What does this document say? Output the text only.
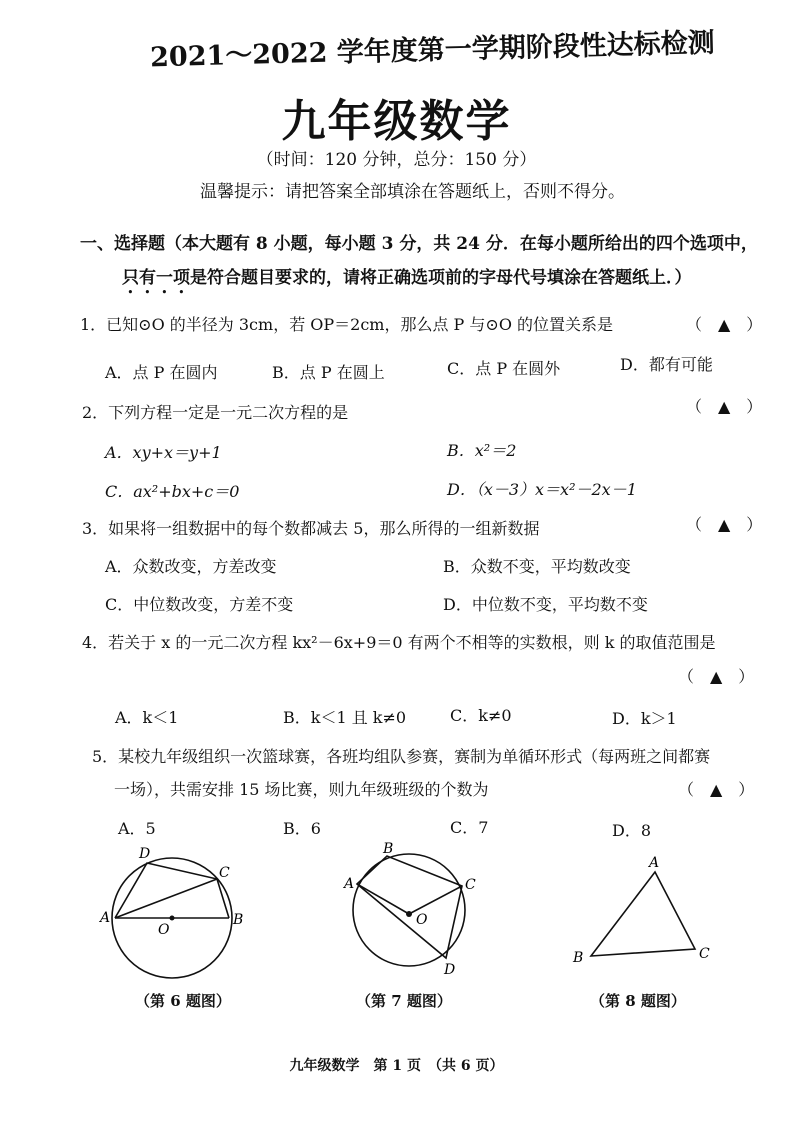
2021～2022 学年度第一学期阶段性达标检测
九年级数学
（时间：120 分钟，总分：150 分）
温馨提示：请把答案全部填涂在答题纸上，否则不得分。
一、选择题（本大题有 8 小题，每小题 3 分，共 24 分．在每小题所给出的四个选项中，
只有一项是符合题目要求的，请将正确选项前的字母代号填涂在答题纸上．）
1．已知⊙O 的半径为 3cm，若 OP＝2cm，那么点 P 与⊙O 的位置关系是	（　▲　）
A．点 P 在圆内	B．点 P 在圆上	C．点 P 在圆外	D．都有可能
2．下列方程一定是一元二次方程的是	（　▲　）
A．xy+x＝y+1	B．x²＝2
C．ax²+bx+c＝0	D．（x－3）x＝x²－2x－1
3．如果将一组数据中的每个数都减去 5，那么所得的一组新数据	（　▲　）
A．众数改变，方差改变	B．众数不变，平均数改变
C．中位数改变，方差不变	D．中位数不变，平均数不变
4．若关于 x 的一元二次方程 kx²－6x+9＝0 有两个不相等的实数根，则 k 的取值范围是
（　▲　）
A．k＜1	B．k＜1 且 k≠0	C．k≠0	D．k＞1
5．某校九年级组织一次篮球赛，各班均组队参赛，赛制为单循环形式（每两班之间都赛
一场），共需安排 15 场比赛，则九年级班级的个数为	（　▲　）
A．5	B．6	C．7	D．8
D
C
A
O
B
（第 6 题图）
B
A	C
O
D
（第 7 题图）
A
B	C
（第 8 题图）
九年级数学　第 1 页　（共 6 页）
